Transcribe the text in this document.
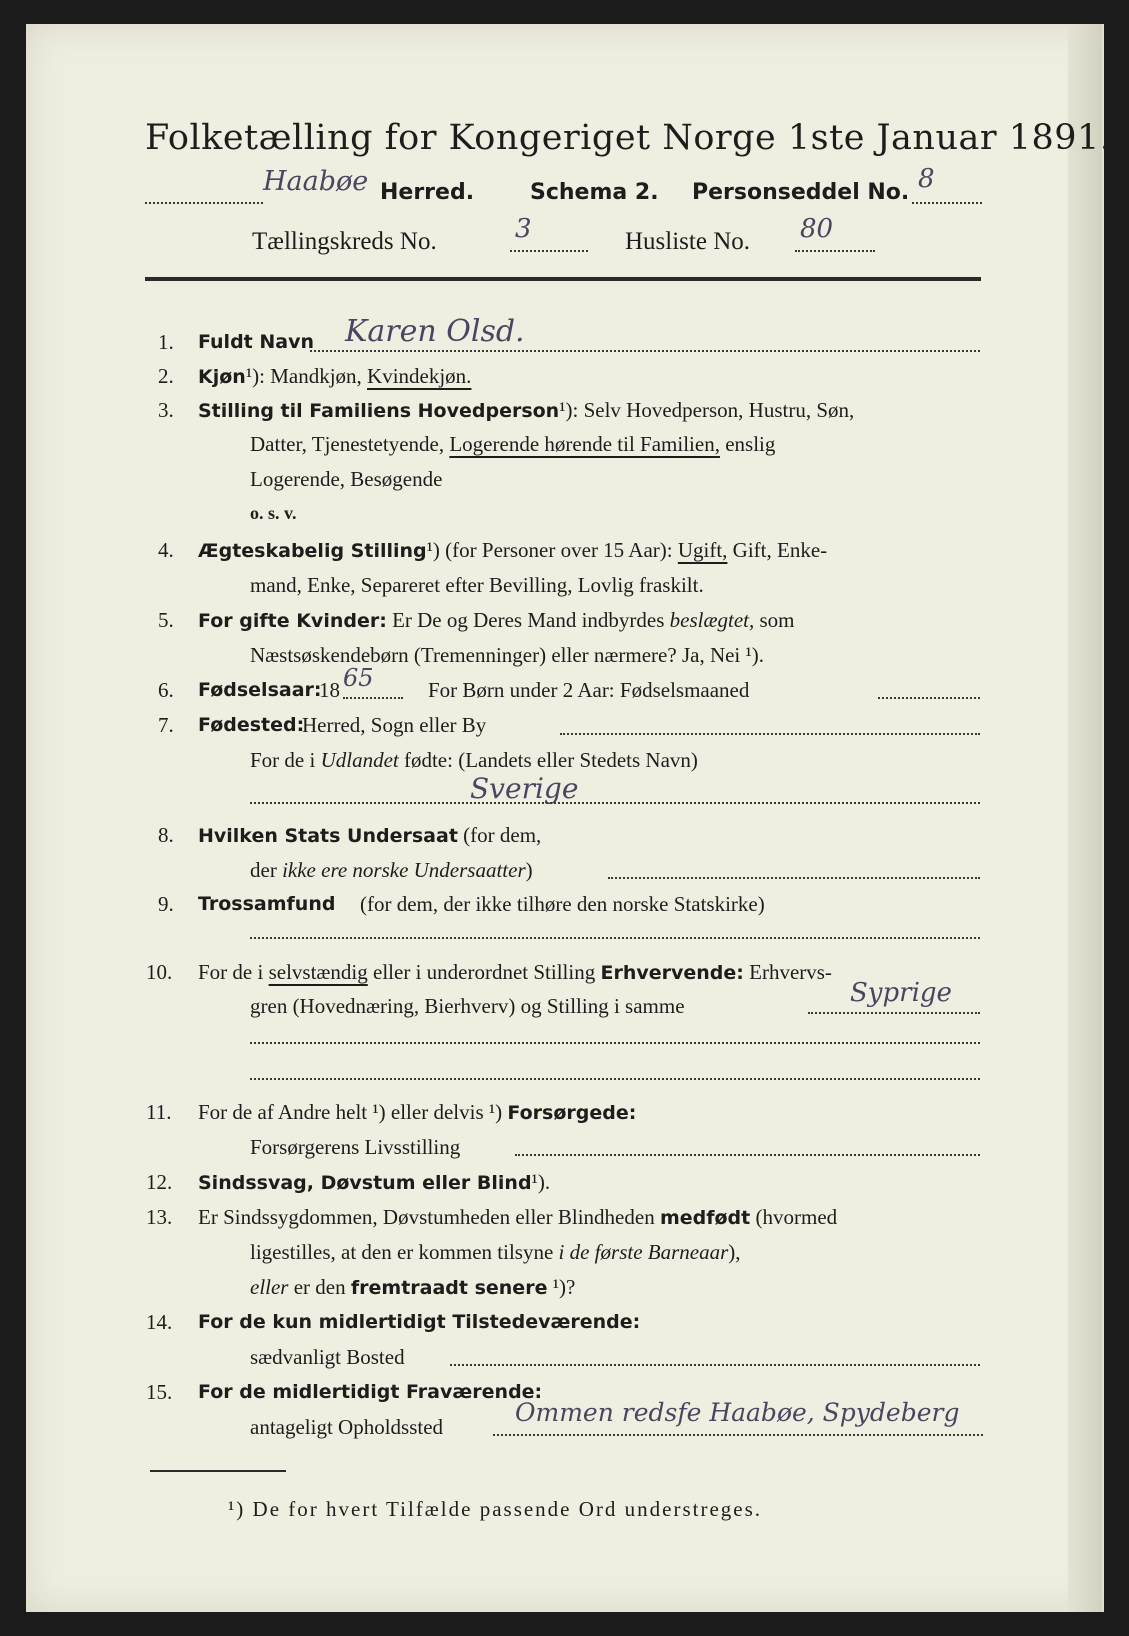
Folketælling for Kongeriget Norge 1ste Januar 1891.
Haabøe Herred.	Schema 2. Personseddel No. 8
Tællingskreds No.	3	Husliste No. 80
1. Fuldt Navn Karen Olsd.
2. Kjøn¹): Mandkjøn, Kvindekjøn.
3. Stilling til Familiens Hovedperson¹): Selv Hovedperson, Hustru, Søn,
Datter, Tjenestetyende, Logerende hørende til Familien, enslig
Logerende, Besøgende
o. s. v.
4. Ægteskabelig Stilling¹) (for Personer over 15 Aar): Ugift, Gift, Enke-
mand, Enke, Separeret efter Bevilling, Lovlig fraskilt.
5. For gifte Kvinder: Er De og Deres Mand indbyrdes beslægtet, som
Næstsøskendebørn (Tremenninger) eller nærmere? Ja, Nei ¹).
6. Fødselsaar:
18 65	For Børn under 2 Aar: Fødselsmaaned
7. Fødested:
Herred, Sogn eller By
For de i Udlandet fødte: (Landets eller Stedets Navn)
Sverige
8. Hvilken Stats Undersaat (for dem,
der ikke ere norske Undersaatter)
9. Trossamfund (for dem, der ikke tilhøre den norske Statskirke)
10. For de i selvstændig eller i underordnet Stilling Erhvervende: Erhvervs-
gren (Hovednæring, Bierhverv) og Stilling i samme	Syprige
11. For de af Andre helt ¹) eller delvis ¹) Forsørgede:
Forsørgerens Livsstilling
12. Sindssvag, Døvstum eller Blind¹).
13. Er Sindssygdommen, Døvstumheden eller Blindheden medfødt (hvormed
ligestilles, at den er kommen tilsyne i de første Barneaar),
eller er den fremtraadt senere ¹)?
14. For de kun midlertidigt Tilstedeværende:
sædvanligt Bosted
15. For de midlertidigt Fraværende:
antageligt Opholdssted	Ommen redsfe Haabøe, Spydeberg
¹) De for hvert Tilfælde passende Ord understreges.
